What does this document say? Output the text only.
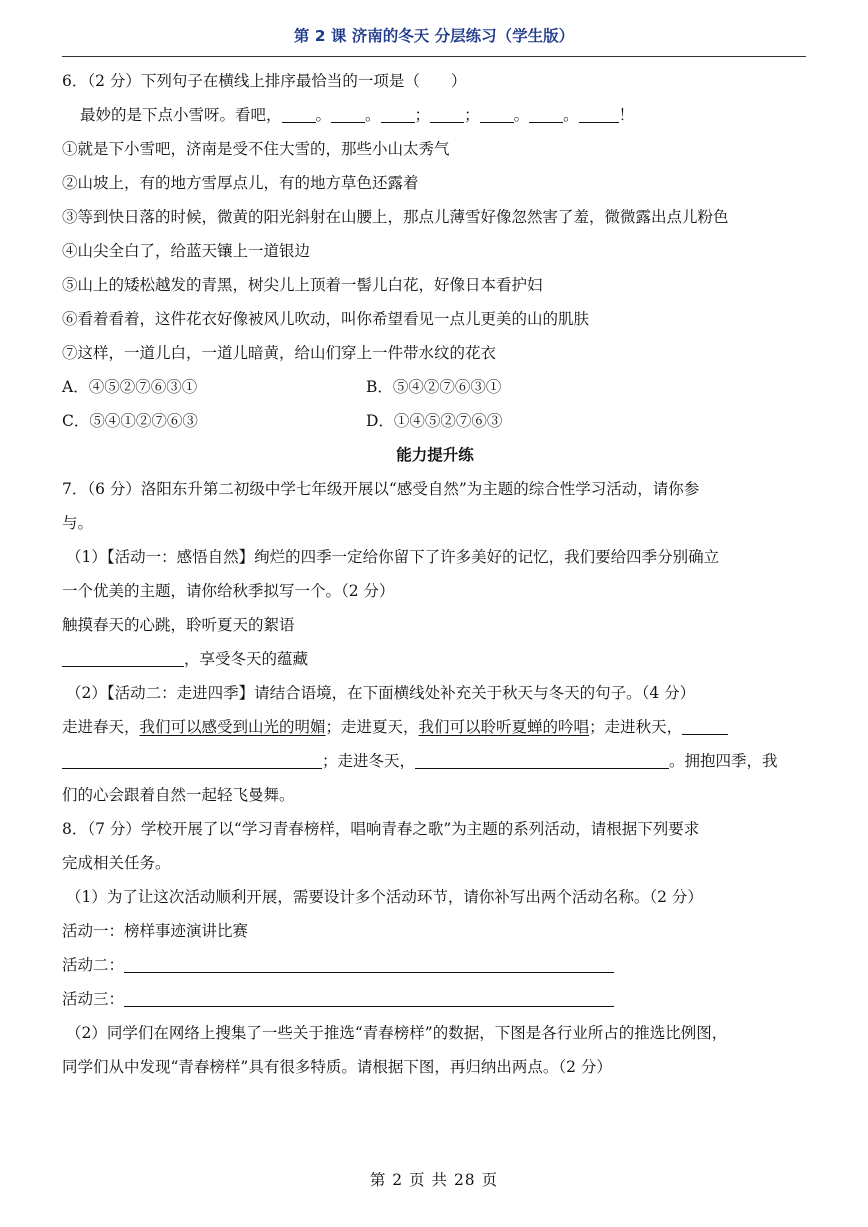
第 2 课 济南的冬天 分层练习（学生版）
6．（2 分）下列句子在横线上排序最恰当的一项是（　　）
最妙的是下点小雪呀。看吧， 。 。 ； ； 。 。	！
①就是下小雪吧，济南是受不住大雪的，那些小山太秀气
②山坡上，有的地方雪厚点儿，有的地方草色还露着
③等到快日落的时候，微黄的阳光斜射在山腰上，那点儿薄雪好像忽然害了羞，微微露出点儿粉色
④山尖全白了，给蓝天镶上一道银边
⑤山上的矮松越发的青黑，树尖儿上顶着一髻儿白花，好像日本看护妇
⑥看着看着，这件花衣好像被风儿吹动，叫你希望看见一点儿更美的山的肌肤
⑦这样，一道儿白，一道儿暗黄，给山们穿上一件带水纹的花衣
A．④⑤②⑦⑥③①	B．⑤④②⑦⑥③①
C．⑤④①②⑦⑥③	D．①④⑤②⑦⑥③
能力提升练
7．（6 分）洛阳东升第二初级中学七年级开展以“感受自然”为主题的综合性学习活动，请你参
与。
（1）【活动一：感悟自然】绚烂的四季一定给你留下了许多美好的记忆，我们要给四季分别确立
一个优美的主题，请你给秋季拟写一个。（2 分）
触摸春天的心跳，聆听夏天的絮语
，享受冬天的蕴藏
（2）【活动二：走进四季】请结合语境，在下面横线处补充关于秋天与冬天的句子。（4 分）
走进春天，我们可以感受到山光的明媚；走进夏天，我们可以聆听夏蝉的吟唱；走进秋天，
；走进冬天，	。拥抱四季，我
们的心会跟着自然一起轻飞曼舞。
8．（7 分）学校开展了以“学习青春榜样，唱响青春之歌”为主题的系列活动，请根据下列要求
完成相关任务。
（1）为了让这次活动顺利开展，需要设计多个活动环节，请你补写出两个活动名称。（2 分）
活动一：榜样事迹演讲比赛
活动二：
活动三：
（2）同学们在网络上搜集了一些关于推选“青春榜样”的数据，下图是各行业所占的推选比例图，
同学们从中发现“青春榜样”具有很多特质。请根据下图，再归纳出两点。（2 分）
第 2 页 共 28 页
